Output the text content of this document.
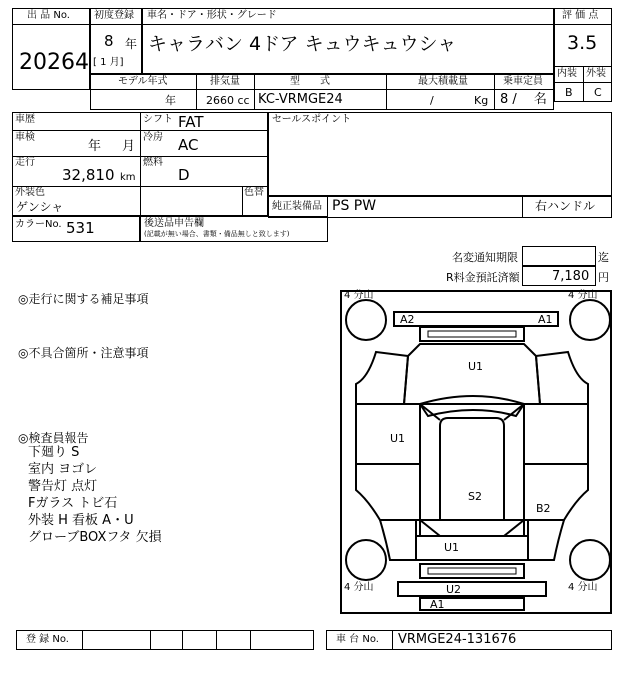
出 品 No.
20264
初度登録
8 年
[ 1 月]
車名・ドア・形状・グレード
キャラバン 4ドア キュウキュウシャ
評 価 点
3.5
内装 外装
B C
モデル年式
年
排気量
2660 cc
型　　式
KC-VRMGE24
最大積載量
/	Kg
乗車定員
8 /　 名
車歴	シフト FAT
車検
年 月
冷房 AC
走行
32,810 km
燃料
D
セールスポイント
外装色
ゲンシャ
色替
純正装備品 PS PW	右ハンドル
カラーNo. 531	後送品申告欄
(記載が無い場合、書類・備品無しと致します)
名変通知期限	迄
R料金預託済額 7,180 円
◎走行に関する補足事項
◎不具合箇所・注意事項
◎検査員報告
下廻り S
室内 ヨゴレ
警告灯 点灯
Fガラス トビ石
外装 H 看板 A・U
グローブBOXフタ 欠損
4 分山	4 分山
4 分山	4 分山
A2	A1
U1
U1
S2
B2
U1
U2
A1
登 録 No.	車 台 No. VRMGE24-131676
